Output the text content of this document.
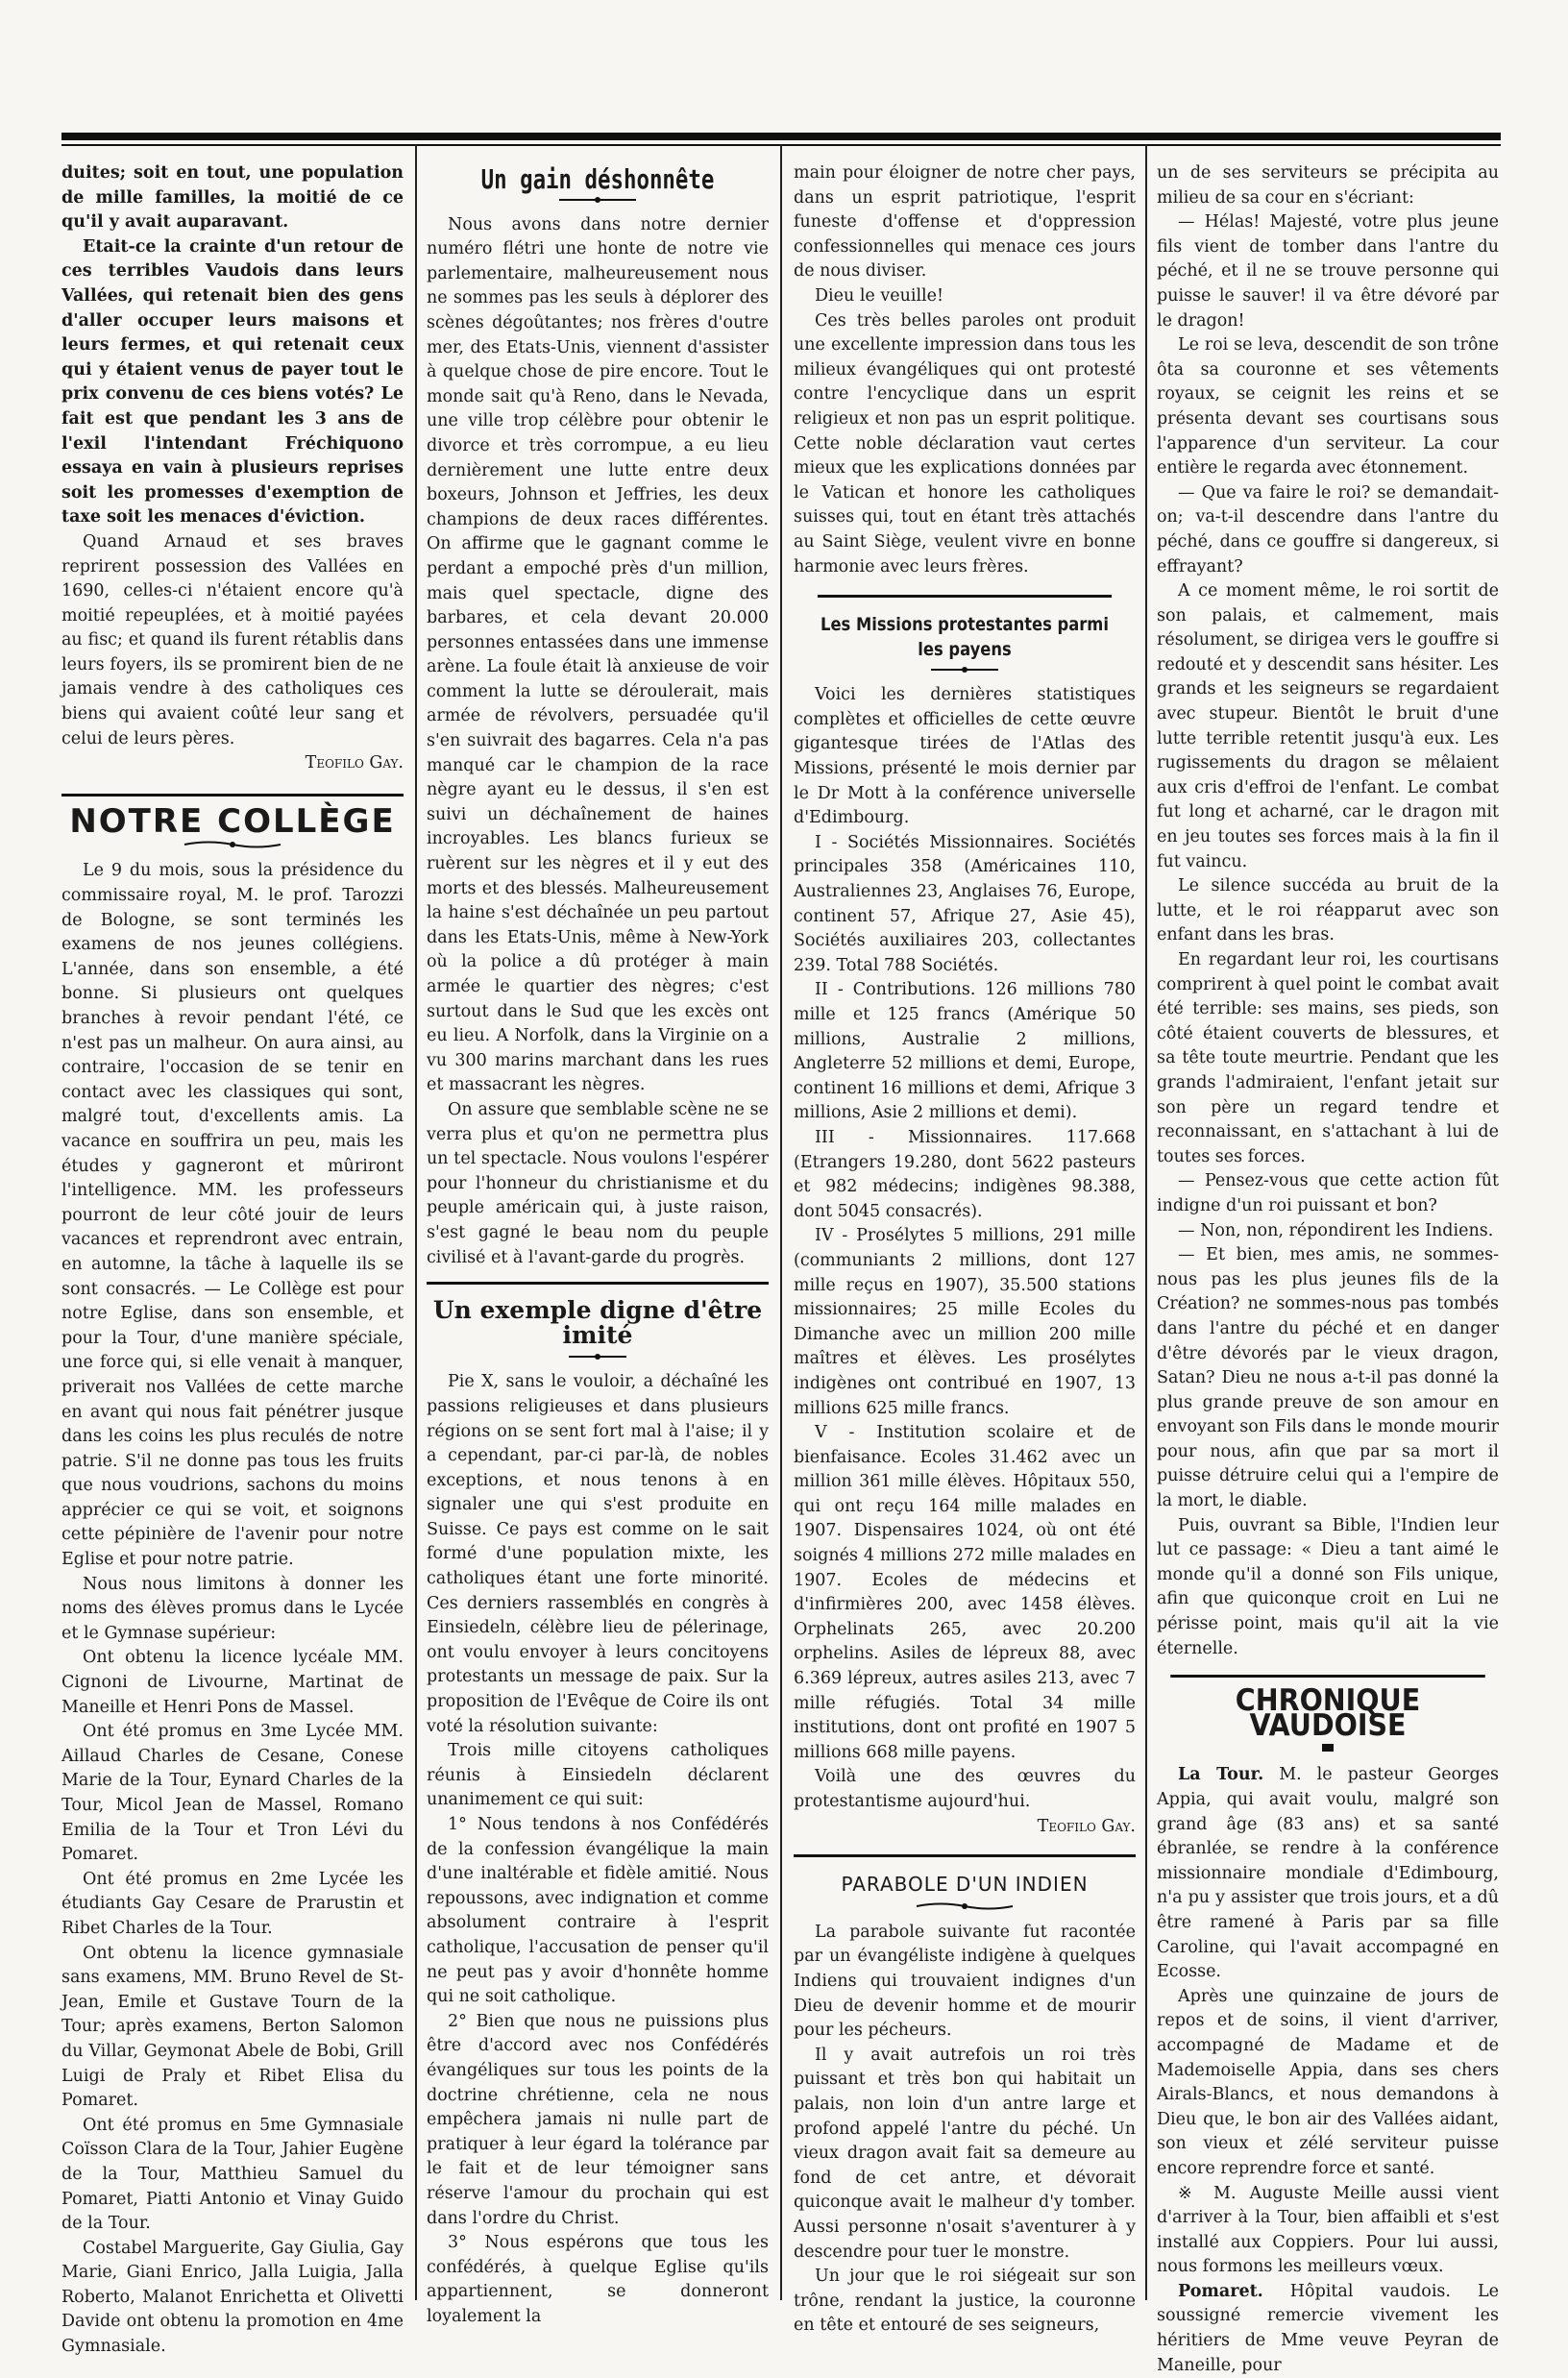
duites; soit en tout, une population de mille familles, la moitié de ce qu'il y avait auparavant.

Etait-ce la crainte d'un retour de ces terribles Vaudois dans leurs Vallées, qui retenait bien des gens d'aller occuper leurs maisons et leurs fermes, et qui retenait ceux qui y étaient venus de payer tout le prix convenu de ces biens votés? Le fait est que pendant les 3 ans de l'exil l'intendant Fréchiquono essaya en vain à plusieurs reprises soit les promesses d'exemption de taxe soit les menaces d'éviction.

Quand Arnaud et ses braves reprirent possession des Vallées en 1690, celles-ci n'étaient encore qu'à moitié repeuplées, et à moitié payées au fisc; et quand ils furent rétablis dans leurs foyers, ils se promirent bien de ne jamais vendre à des catholiques ces biens qui avaient coûté leur sang et celui de leurs pères.

Teofilo Gay.
NOTRE COLLÈGE

Le 9 du mois, sous la présidence du commissaire royal, M. le prof. Tarozzi de Bologne, se sont terminés les examens de nos jeunes collégiens. L'année, dans son ensemble, a été bonne. Si plusieurs ont quelques branches à revoir pendant l'été, ce n'est pas un malheur. On aura ainsi, au contraire, l'occasion de se tenir en contact avec les classiques qui sont, malgré tout, d'excellents amis. La vacance en souffrira un peu, mais les études y gagneront et mûriront l'intelligence. MM. les professeurs pourront de leur côté jouir de leurs vacances et reprendront avec entrain, en automne, la tâche à laquelle ils se sont consacrés. — Le Collège est pour notre Eglise, dans son ensemble, et pour la Tour, d'une manière spéciale, une force qui, si elle venait à manquer, priverait nos Vallées de cette marche en avant qui nous fait pénétrer jusque dans les coins les plus reculés de notre patrie. S'il ne donne pas tous les fruits que nous voudrions, sachons du moins apprécier ce qui se voit, et soignons cette pépinière de l'avenir pour notre Eglise et pour notre patrie.

Nous nous limitons à donner les noms des élèves promus dans le Lycée et le Gymnase supérieur:

Ont obtenu la licence lycéale MM. Cignoni de Livourne, Martinat de Maneille et Henri Pons de Massel.

Ont été promus en 3me Lycée MM. Aillaud Charles de Cesane, Conese Marie de la Tour, Eynard Charles de la Tour, Micol Jean de Massel, Romano Emilia de la Tour et Tron Lévi du Pomaret.

Ont été promus en 2me Lycée les étudiants Gay Cesare de Prarustin et Ribet Charles de la Tour.

Ont obtenu la licence gymnasiale sans examens, MM. Bruno Revel de St-Jean, Emile et Gustave Tourn de la Tour; après examens, Berton Salomon du Villar, Geymonat Abele de Bobi, Grill Luigi de Praly et Ribet Elisa du Pomaret.

Ont été promus en 5me Gymnasiale Coïsson Clara de la Tour, Jahier Eugène de la Tour, Matthieu Samuel du Pomaret, Piatti Antonio et Vinay Guido de la Tour.

Costabel Marguerite, Gay Giulia, Gay Marie, Giani Enrico, Jalla Luigia, Jalla Roberto, Malanot Enrichetta et Olivetti Davide ont obtenu la promotion en 4me Gymnasiale.

Un gain déshonnête

Nous avons dans notre dernier numéro flétri une honte de notre vie parlementaire, malheureusement nous ne sommes pas les seuls à déplorer des scènes dégoûtantes; nos frères d'outre mer, des Etats-Unis, viennent d'assister à quelque chose de pire encore. Tout le monde sait qu'à Reno, dans le Nevada, une ville trop célèbre pour obtenir le divorce et très corrompue, a eu lieu dernièrement une lutte entre deux boxeurs, Johnson et Jeffries, les deux champions de deux races différentes. On affirme que le gagnant comme le perdant a empoché près d'un million, mais quel spectacle, digne des barbares, et cela devant 20.000 personnes entassées dans une immense arène. La foule était là anxieuse de voir comment la lutte se déroulerait, mais armée de révolvers, persuadée qu'il s'en suivrait des bagarres. Cela n'a pas manqué car le champion de la race nègre ayant eu le dessus, il s'en est suivi un déchaînement de haines incroyables. Les blancs furieux se ruèrent sur les nègres et il y eut des morts et des blessés. Malheureusement la haine s'est déchaînée un peu partout dans les Etats-Unis, même à New-York où la police a dû protéger à main armée le quartier des nègres; c'est surtout dans le Sud que les excès ont eu lieu. A Norfolk, dans la Virginie on a vu 300 marins marchant dans les rues et massacrant les nègres.

On assure que semblable scène ne se verra plus et qu'on ne permettra plus un tel spectacle. Nous voulons l'espérer pour l'honneur du christianisme et du peuple américain qui, à juste raison, s'est gagné le beau nom du peuple civilisé et à l'avant-garde du progrès.

Un exemple digne d'être imité

Pie X, sans le vouloir, a déchaîné les passions religieuses et dans plusieurs régions on se sent fort mal à l'aise; il y a cependant, par-ci par-là, de nobles exceptions, et nous tenons à en signaler une qui s'est produite en Suisse. Ce pays est comme on le sait formé d'une population mixte, les catholiques étant une forte minorité. Ces derniers rassemblés en congrès à Einsiedeln, célèbre lieu de pélerinage, ont voulu envoyer à leurs concitoyens protestants un message de paix. Sur la proposition de l'Evêque de Coire ils ont voté la résolution suivante:

Trois mille citoyens catholiques réunis à Einsiedeln déclarent unanimement ce qui suit:

1° Nous tendons à nos Confédérés de la confession évangélique la main d'une inaltérable et fidèle amitié. Nous repoussons, avec indignation et comme absolument contraire à l'esprit catholique, l'accusation de penser qu'il ne peut pas y avoir d'honnête homme qui ne soit catholique.

2° Bien que nous ne puissions plus être d'accord avec nos Confédérés évangéliques sur tous les points de la doctrine chrétienne, cela ne nous empêchera jamais ni nulle part de pratiquer à leur égard la tolérance par le fait et de leur témoigner sans réserve l'amour du prochain qui est dans l'ordre du Christ.

3° Nous espérons que tous les confédérés, à quelque Eglise qu'ils appartiennent, se donneront loyalement la

main pour éloigner de notre cher pays, dans un esprit patriotique, l'esprit funeste d'offense et d'oppression confessionnelles qui menace ces jours de nous diviser.

Dieu le veuille!

Ces très belles paroles ont produit une excellente impression dans tous les milieux évangéliques qui ont protesté contre l'encyclique dans un esprit religieux et non pas un esprit politique. Cette noble déclaration vaut certes mieux que les explications données par le Vatican et honore les catholiques suisses qui, tout en étant très attachés au Saint Siège, veulent vivre en bonne harmonie avec leurs frères.

Les Missions protestantes parmi les payens

Voici les dernières statistiques complètes et officielles de cette œuvre gigantesque tirées de l'Atlas des Missions, présenté le mois dernier par le Dr Mott à la conférence universelle d'Edimbourg.

I - Sociétés Missionnaires. Sociétés principales 358 (Américaines 110, Australiennes 23, Anglaises 76, Europe, continent 57, Afrique 27, Asie 45), Sociétés auxiliaires 203, collectantes 239. Total 788 Sociétés.

II - Contributions. 126 millions 780 mille et 125 francs (Amérique 50 millions, Australie 2 millions, Angleterre 52 millions et demi, Europe, continent 16 millions et demi, Afrique 3 millions, Asie 2 millions et demi).

III - Missionnaires. 117.668 (Etrangers 19.280, dont 5622 pasteurs et 982 médecins; indigènes 98.388, dont 5045 consacrés).

IV - Prosélytes 5 millions, 291 mille (communiants 2 millions, dont 127 mille reçus en 1907), 35.500 stations missionnaires; 25 mille Ecoles du Dimanche avec un million 200 mille maîtres et élèves. Les prosélytes indigènes ont contribué en 1907, 13 millions 625 mille francs.

V - Institution scolaire et de bienfaisance. Ecoles 31.462 avec un million 361 mille élèves. Hôpitaux 550, qui ont reçu 164 mille malades en 1907. Dispensaires 1024, où ont été soignés 4 millions 272 mille malades en 1907. Ecoles de médecins et d'infirmières 200, avec 1458 élèves. Orphelinats 265, avec 20.200 orphelins. Asiles de lépreux 88, avec 6.369 lépreux, autres asiles 213, avec 7 mille réfugiés. Total 34 mille institutions, dont ont profité en 1907 5 millions 668 mille payens.

Voilà une des œuvres du protestantisme aujourd'hui.

Teofilo Gay.
PARABOLE D'UN INDIEN

La parabole suivante fut racontée par un évangéliste indigène à quelques Indiens qui trouvaient indignes d'un Dieu de devenir homme et de mourir pour les pécheurs.

Il y avait autrefois un roi très puissant et très bon qui habitait un palais, non loin d'un antre large et profond appelé l'antre du péché. Un vieux dragon avait fait sa demeure au fond de cet antre, et dévorait quiconque avait le malheur d'y tomber. Aussi personne n'osait s'aventurer à y descendre pour tuer le monstre.

Un jour que le roi siégeait sur son trône, rendant la justice, la couronne en tête et entouré de ses seigneurs,

un de ses serviteurs se précipita au milieu de sa cour en s'écriant:

— Hélas! Majesté, votre plus jeune fils vient de tomber dans l'antre du péché, et il ne se trouve personne qui puisse le sauver! il va être dévoré par le dragon!

Le roi se leva, descendit de son trône ôta sa couronne et ses vêtements royaux, se ceignit les reins et se présenta devant ses courtisans sous l'apparence d'un serviteur. La cour entière le regarda avec étonnement.

— Que va faire le roi? se demandait-on; va-t-il descendre dans l'antre du péché, dans ce gouffre si dangereux, si effrayant?

A ce moment même, le roi sortit de son palais, et calmement, mais résolument, se dirigea vers le gouffre si redouté et y descendit sans hésiter. Les grands et les seigneurs se regardaient avec stupeur. Bientôt le bruit d'une lutte terrible retentit jusqu'à eux. Les rugissements du dragon se mêlaient aux cris d'effroi de l'enfant. Le combat fut long et acharné, car le dragon mit en jeu toutes ses forces mais à la fin il fut vaincu.

Le silence succéda au bruit de la lutte, et le roi réapparut avec son enfant dans les bras.

En regardant leur roi, les courtisans comprirent à quel point le combat avait été terrible: ses mains, ses pieds, son côté étaient couverts de blessures, et sa tête toute meurtrie. Pendant que les grands l'admiraient, l'enfant jetait sur son père un regard tendre et reconnaissant, en s'attachant à lui de toutes ses forces.

— Pensez-vous que cette action fût indigne d'un roi puissant et bon?

— Non, non, répondirent les Indiens.

— Et bien, mes amis, ne sommes-nous pas les plus jeunes fils de la Création? ne sommes-nous pas tombés dans l'antre du péché et en danger d'être dévorés par le vieux dragon, Satan? Dieu ne nous a-t-il pas donné la plus grande preuve de son amour en envoyant son Fils dans le monde mourir pour nous, afin que par sa mort il puisse détruire celui qui a l'empire de la mort, le diable.

Puis, ouvrant sa Bible, l'Indien leur lut ce passage: « Dieu a tant aimé le monde qu'il a donné son Fils unique, afin que quiconque croit en Lui ne périsse point, mais qu'il ait la vie éternelle.

CHRONIQUE VAUDOISE

La Tour. M. le pasteur Georges Appia, qui avait voulu, malgré son grand âge (83 ans) et sa santé ébranlée, se rendre à la conférence missionnaire mondiale d'Edimbourg, n'a pu y assister que trois jours, et a dû être ramené à Paris par sa fille Caroline, qui l'avait accompagné en Ecosse.

Après une quinzaine de jours de repos et de soins, il vient d'arriver, accompagné de Madame et de Mademoiselle Appia, dans ses chers Airals-Blancs, et nous demandons à Dieu que, le bon air des Vallées aidant, son vieux et zélé serviteur puisse encore reprendre force et santé.

※ M. Auguste Meille aussi vient d'arriver à la Tour, bien affaibli et s'est installé aux Coppiers. Pour lui aussi, nous formons les meilleurs vœux.

Pomaret. Hôpital vaudois. Le soussigné remercie vivement les héritiers de Mme veuve Peyran de Maneille, pour
